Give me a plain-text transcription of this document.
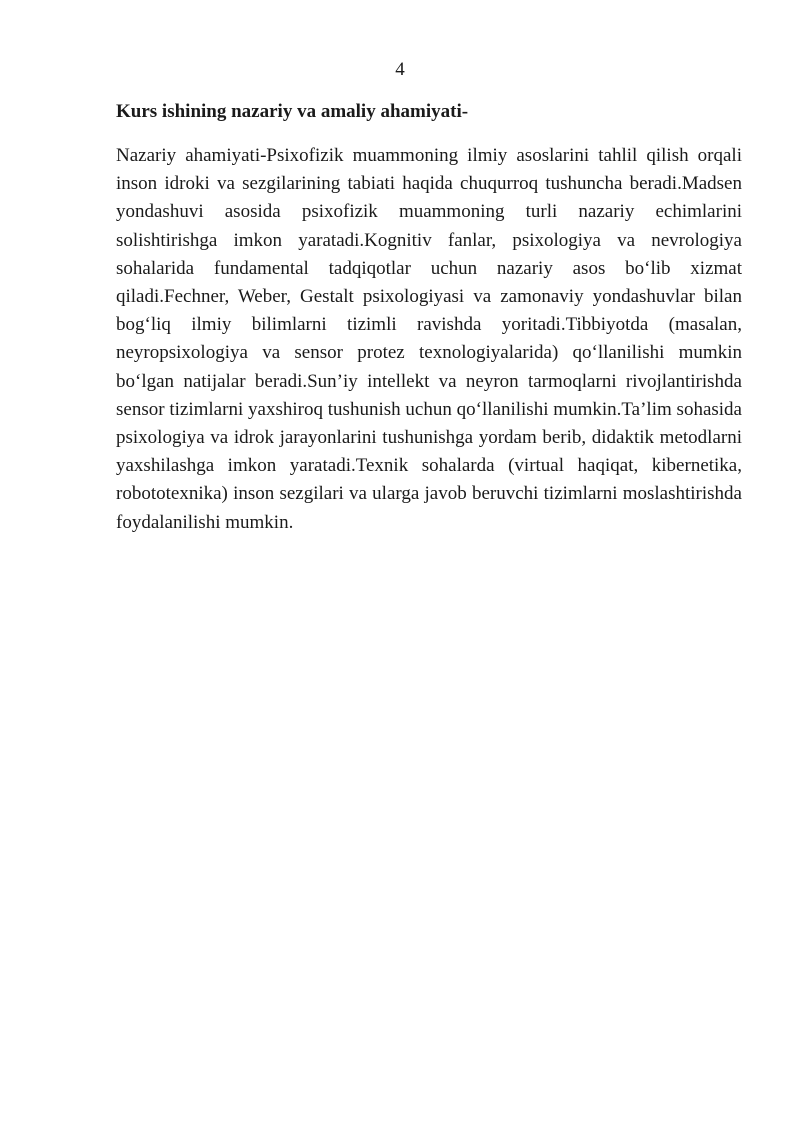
4
Kurs ishining nazariy va amaliy ahamiyati-

Nazariy ahamiyati-Psixofizik muammoning ilmiy asoslarini tahlil qilish orqali inson idroki va sezgilarining tabiati haqida chuqurroq tushuncha beradi.Madsen yondashuvi asosida psixofizik muammoning turli nazariy echimlarini solishtirishga imkon yaratadi.Kognitiv fanlar, psixologiya va nevrologiya sohalarida fundamental tadqiqotlar uchun nazariy asos bo‘lib xizmat qiladi.Fechner, Weber, Gestalt psixologiyasi va zamonaviy yondashuvlar bilan bog‘liq ilmiy bilimlarni tizimli ravishda yoritadi.Tibbiyotda (masalan, neyropsixologiya va sensor protez texnologiyalarida) qo‘llanilishi mumkin bo‘lgan natijalar beradi.Sun’iy intellekt va neyron tarmoqlarni rivojlantirishda sensor tizimlarni yaxshiroq tushunish uchun qo‘llanilishi mumkin.Ta’lim sohasida psixologiya va idrok jarayonlarini tushunishga yordam berib, didaktik metodlarni yaxshilashga imkon yaratadi.Texnik sohalarda (virtual haqiqat, kibernetika, robototexnika) inson sezgilari va ularga javob beruvchi tizimlarni moslashtirishda foydalanilishi mumkin.
